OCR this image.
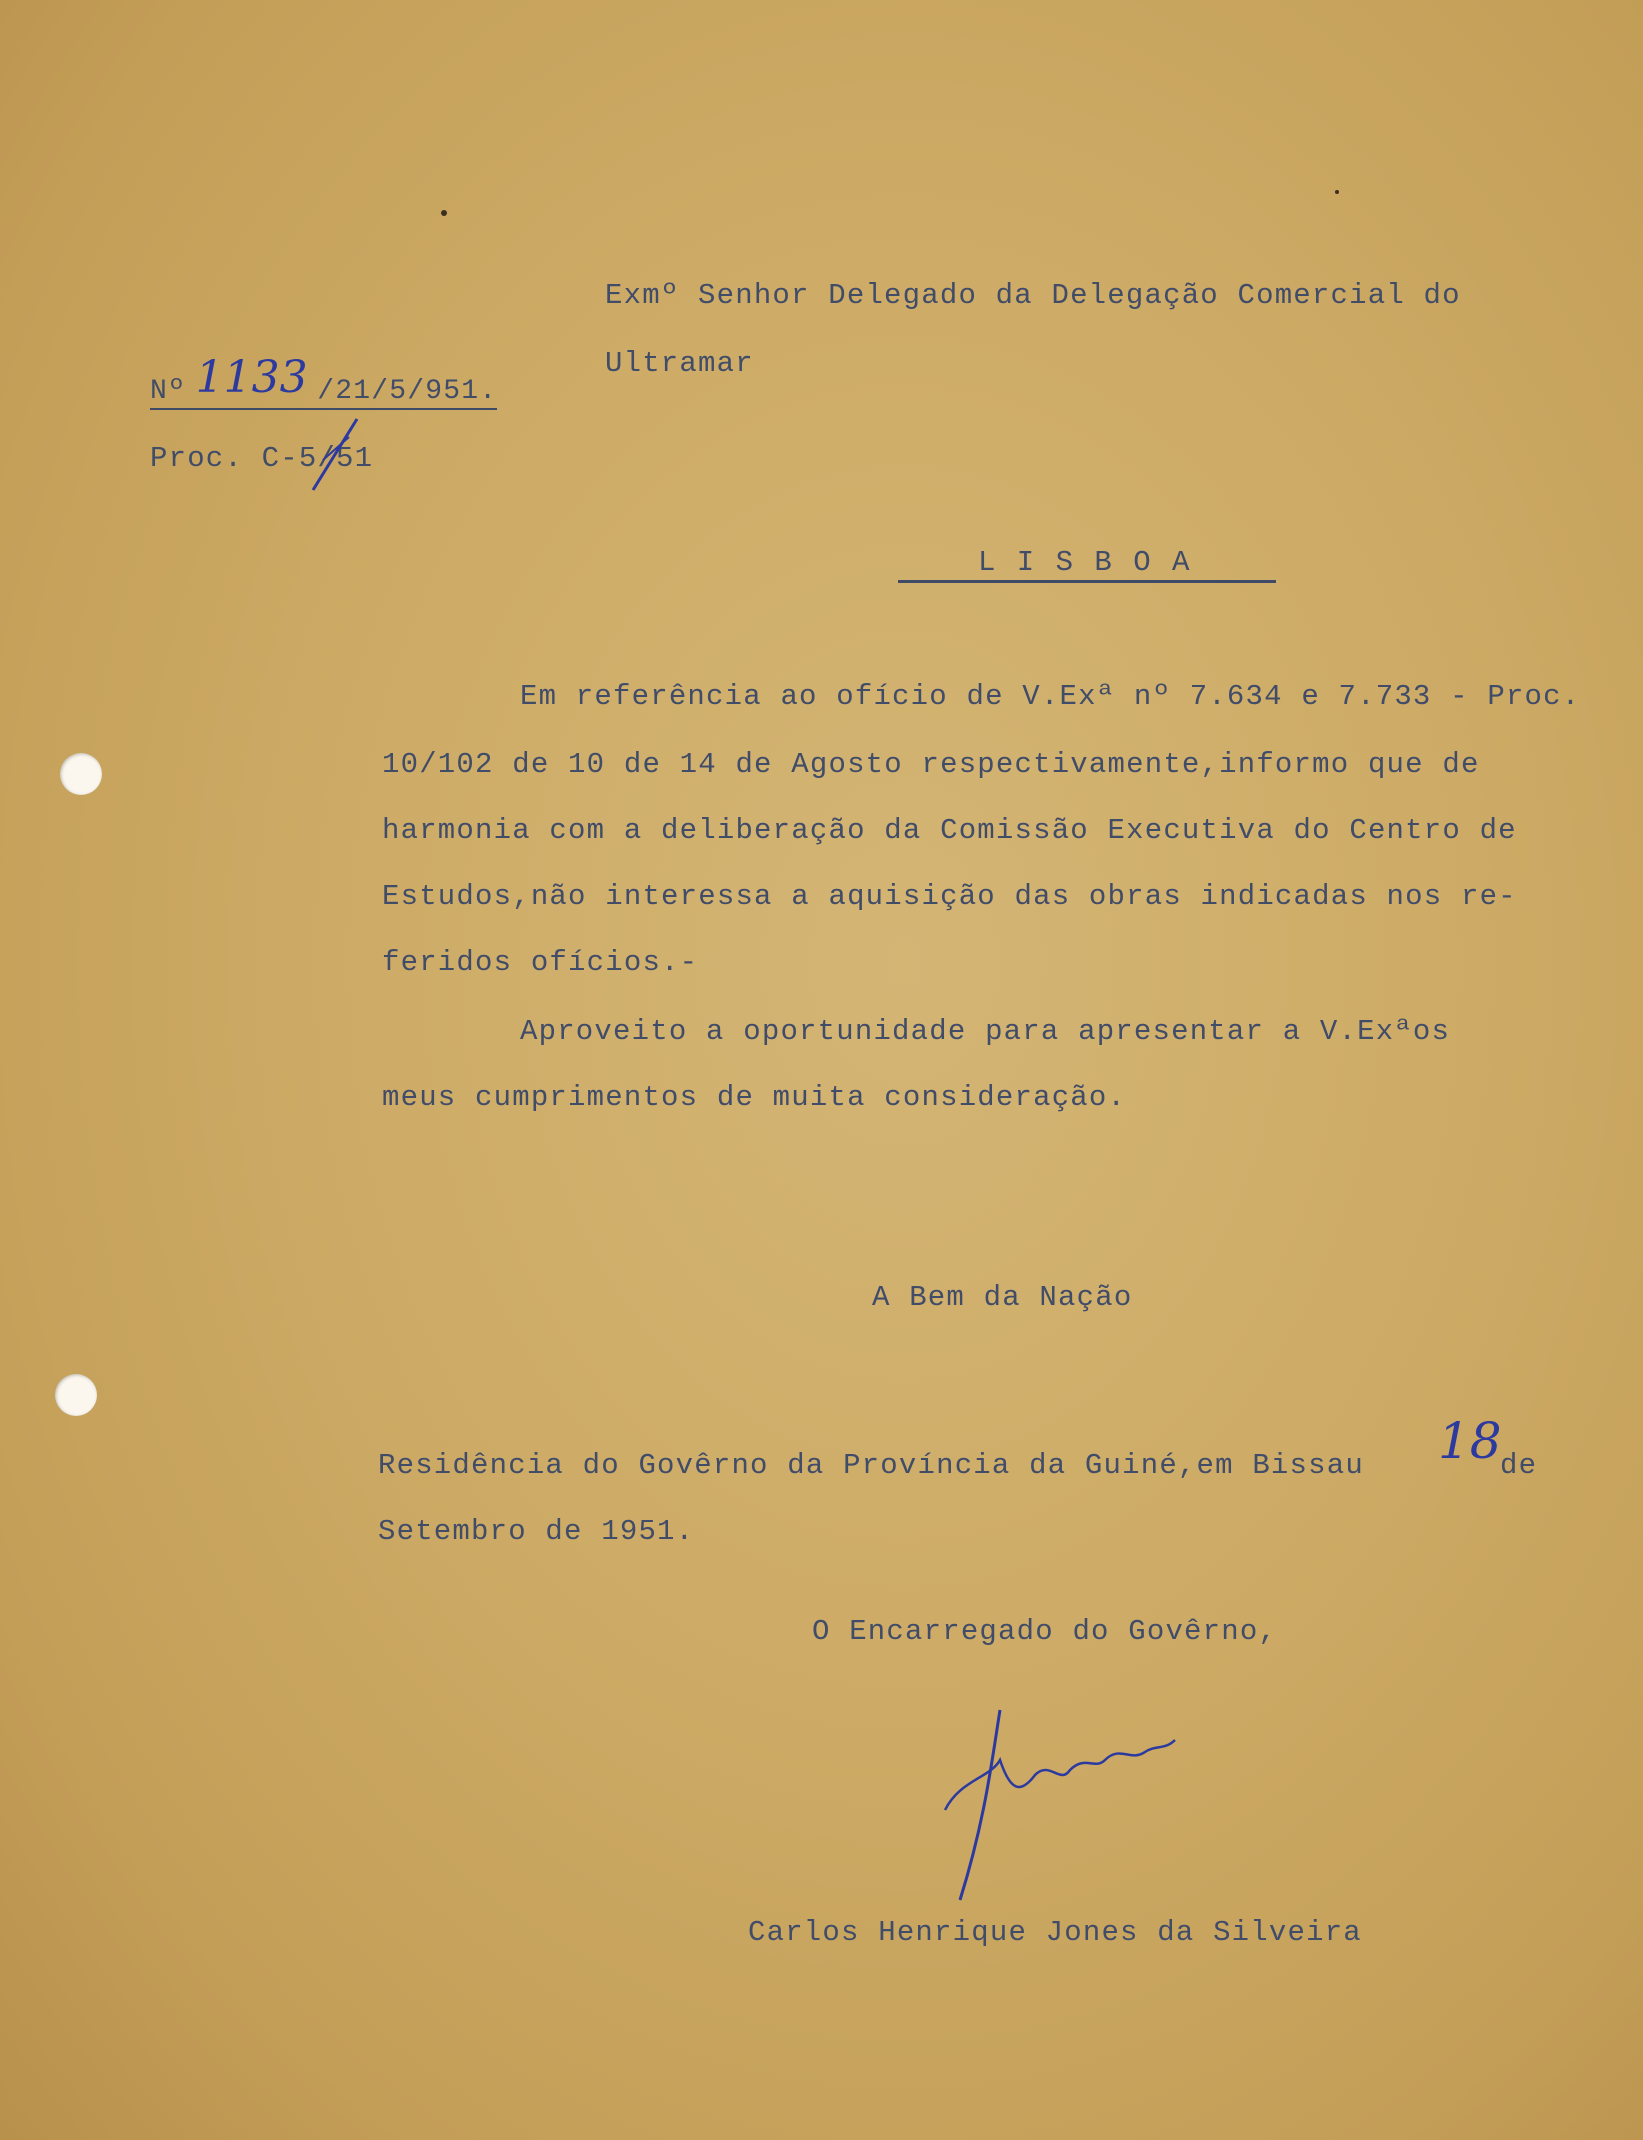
Exmº Senhor Delegado da Delegação Comercial do
Ultramar
Nº 1133 /21/5/951.
Proc. C-5/51
L I S B O A
Em referência ao ofício de V.Exª nº 7.634 e 7.733 - Proc.
10/102 de 10 de 14 de Agosto respectivamente,informo que de
harmonia com a deliberação da Comissão Executiva do Centro de
Estudos,não interessa a aquisição das obras indicadas nos re-
feridos ofícios.-
Aproveito a oportunidade para apresentar a V.Exªos
meus cumprimentos de muita consideração.
A Bem da Nação
Residência do Govêrno da Província da Guiné,em Bissau 18
de
Setembro de 1951.
O Encarregado do Govêrno,
Carlos Henrique Jones da Silveira
